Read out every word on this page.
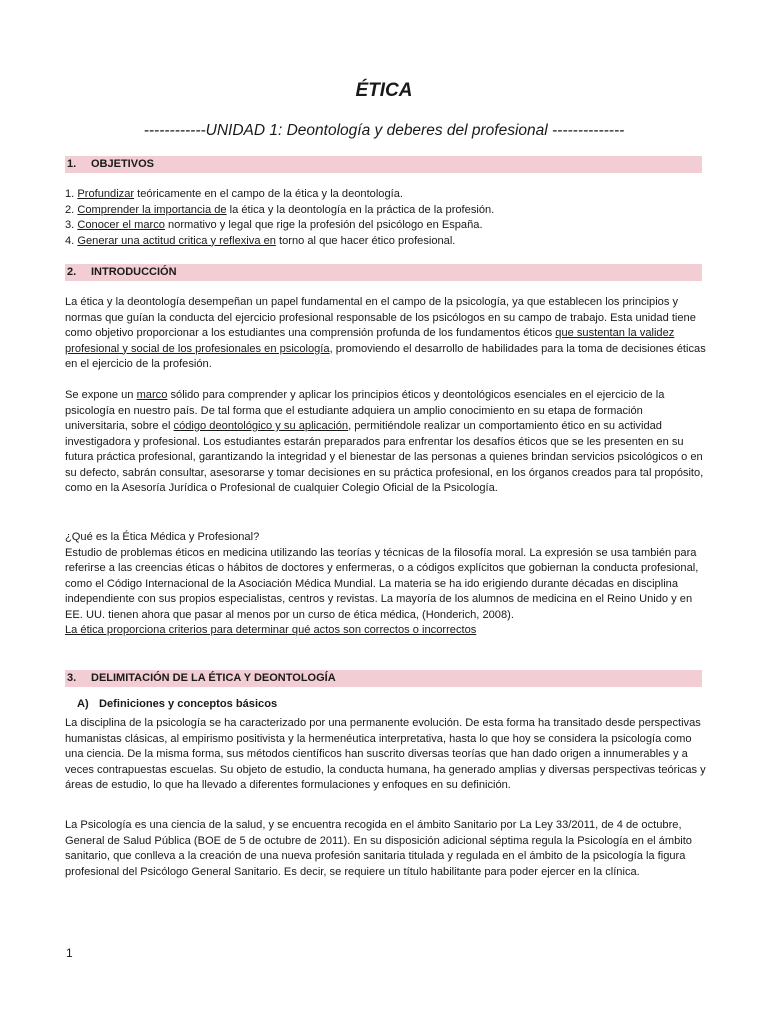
ÉTICA
------------UNIDAD 1: Deontología y deberes del profesional --------------
1. OBJETIVOS

1. Profundizar teóricamente en el campo de la ética y la deontología.

2. Comprender la importancia de la ética y la deontología en la práctica de la profesión.

3. Conocer el marco normativo y legal que rige la profesión del psicólogo en España.

4. Generar una actitud critica y reflexiva en torno al que hacer ético profesional.

2. INTRODUCCIÓN

La ética y la deontología desempeñan un papel fundamental en el campo de la psicología, ya que establecen los principios y normas que guían la conducta del ejercicio profesional responsable de los psicólogos en su campo de trabajo. Esta unidad tiene como objetivo proporcionar a los estudiantes una comprensión profunda de los fundamentos éticos que sustentan la validez profesional y social de los profesionales en psicología, promoviendo el desarrollo de habilidades para la toma de decisiones éticas en el ejercicio de la profesión.

Se expone un marco sólido para comprender y aplicar los principios éticos y deontológicos esenciales en el ejercicio de la psicología en nuestro país. De tal forma que el estudiante adquiera un amplio conocimiento en su etapa de formación universitaria, sobre el código deontológico y su aplicación, permitiéndole realizar un comportamiento ético en su actividad investigadora y profesional. Los estudiantes estarán preparados para enfrentar los desafíos éticos que se les presenten en su futura práctica profesional, garantizando la integridad y el bienestar de las personas a quienes brindan servicios psicológicos o en su defecto, sabrán consultar, asesorarse y tomar decisiones en su práctica profesional, en los órganos creados para tal propósito, como en la Asesoría Jurídica o Profesional de cualquier Colegio Oficial de la Psicología.

¿Qué es la Ética Médica y Profesional?

Estudio de problemas éticos en medicina utilizando las teorías y técnicas de la filosofía moral. La expresión se usa también para referirse a las creencias éticas o hábitos de doctores y enfermeras, o a códigos explícitos que gobiernan la conducta profesional, como el Código Internacional de la Asociación Médica Mundial. La materia se ha ido erigiendo durante décadas en disciplina independiente con sus propios especialistas, centros y revistas. La mayoría de los alumnos de medicina en el Reino Unido y en EE. UU. tienen ahora que pasar al menos por un curso de ética médica, (Honderich, 2008).

La ética proporciona criterios para determinar qué actos son correctos o incorrectos

3. DELIMITACIÓN DE LA ÉTICA Y DEONTOLOGÍA
A) Definiciones y conceptos básicos

La disciplina de la psicología se ha caracterizado por una permanente evolución. De esta forma ha transitado desde perspectivas humanistas clásicas, al empirismo positivista y la hermenéutica interpretativa, hasta lo que hoy se considera la psicología como una ciencia. De la misma forma, sus métodos científicos han suscrito diversas teorías que han dado origen a innumerables y a veces contrapuestas escuelas. Su objeto de estudio, la conducta humana, ha generado amplias y diversas perspectivas teóricas y áreas de estudio, lo que ha llevado a diferentes formulaciones y enfoques en su definición.

La Psicología es una ciencia de la salud, y se encuentra recogida en el ámbito Sanitario por La Ley 33/2011, de 4 de octubre, General de Salud Pública (BOE de 5 de octubre de 2011). En su disposición adicional séptima regula la Psicología en el ámbito sanitario, que conlleva a la creación de una nueva profesión sanitaria titulada y regulada en el ámbito de la psicología la figura profesional del Psicólogo General Sanitario. Es decir, se requiere un título habilitante para poder ejercer en la clínica.

1
